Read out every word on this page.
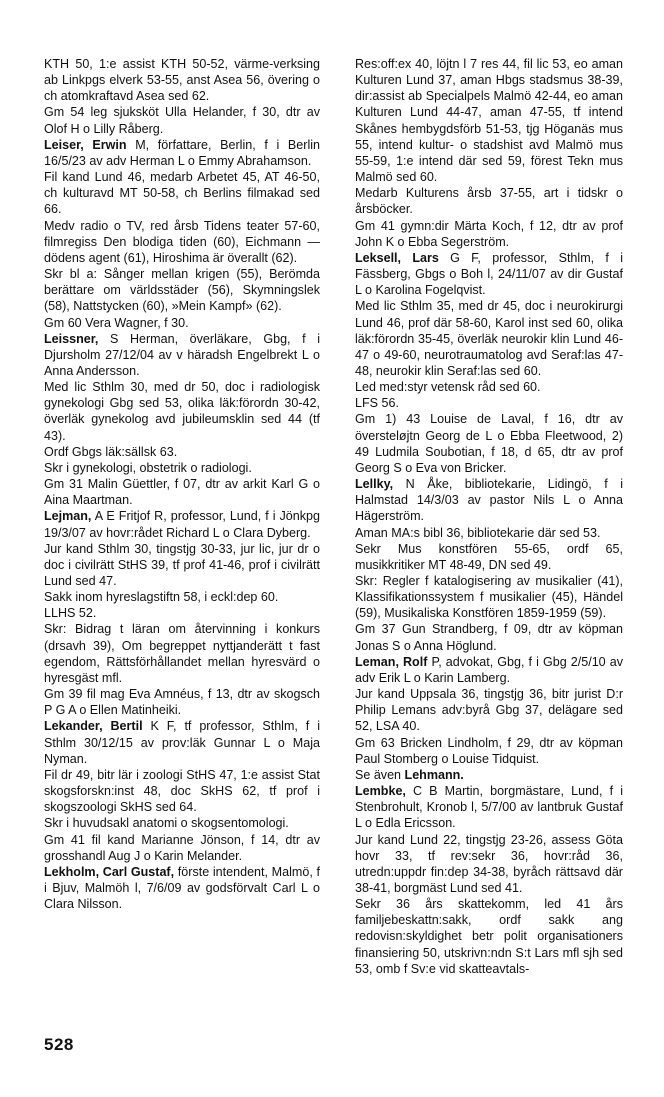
KTH 50, 1:e assist KTH 50-52, värme-verksing ab Linkpgs elverk 53-55, anst Asea 56, övering o ch atomkraftavd Asea sed 62.

Gm 54 leg sjuksköt Ulla Helander, f 30, dtr av Olof H o Lilly Råberg.

Leiser, Erwin M, författare, Berlin, f i Berlin 16/5/23 av adv Herman L o Emmy Abrahamson.

Fil kand Lund 46, medarb Arbetet 45, AT 46-50, ch kulturavd MT 50-58, ch Berlins filmakad sed 66.

Medv radio o TV, red årsb Tidens teater 57-60, filmregiss Den blodiga tiden (60), Eichmann — dödens agent (61), Hiroshima är överallt (62).

Skr bl a: Sånger mellan krigen (55), Berömda berättare om världsstäder (56), Skymningslek (58), Nattstycken (60), »Mein Kampf» (62).

Gm 60 Vera Wagner, f 30.

Leissner, S Herman, överläkare, Gbg, f i Djursholm 27/12/04 av v häradsh Engelbrekt L o Anna Andersson.

Med lic Sthlm 30, med dr 50, doc i radiologisk gynekologi Gbg sed 53, olika läk:förordn 30-42, överläk gynekolog avd jubileumsklin sed 44 (tf 43).

Ordf Gbgs läk:sällsk 63.

Skr i gynekologi, obstetrik o radiologi.

Gm 31 Malin Güettler, f 07, dtr av arkit Karl G o Aina Maartman.

Lejman, A E Fritjof R, professor, Lund, f i Jönkpg 19/3/07 av hovr:rådet Richard L o Clara Dyberg.

Jur kand Sthlm 30, tingstjg 30-33, jur lic, jur dr o doc i civilrätt StHS 39, tf prof 41-46, prof i civilrätt Lund sed 47.

Sakk inom hyreslagstiftn 58, i eckl:dep 60.

LLHS 52.

Skr: Bidrag t läran om återvinning i konkurs (drsavh 39), Om begreppet nyttjanderätt t fast egendom, Rättsförhållandet mellan hyresvärd o hyresgäst mfl.

Gm 39 fil mag Eva Amnéus, f 13, dtr av skogsch P G A o Ellen Matinheiki.

Lekander, Bertil K F, tf professor, Sthlm, f i Sthlm 30/12/15 av prov:läk Gunnar L o Maja Nyman.

Fil dr 49, bitr lär i zoologi StHS 47, 1:e assist Stat skogsforskn:inst 48, doc SkHS 62, tf prof i skogszoologi SkHS sed 64.

Skr i huvudsakl anatomi o skogsentomologi.

Gm 41 fil kand Marianne Jönson, f 14, dtr av grosshandl Aug J o Karin Melander.

Lekholm, Carl Gustaf, förste intendent, Malmö, f i Bjuv, Malmöh l, 7/6/09 av godsförvalt Carl L o Clara Nilsson.

Res:off:ex 40, löjtn l 7 res 44, fil lic 53, eo aman Kulturen Lund 37, aman Hbgs stadsmus 38-39, dir:assist ab Specialpels Malmö 42-44, eo aman Kulturen Lund 44-47, aman 47-55, tf intend Skånes hembygdsförb 51-53, tjg Höganäs mus 55, intend kultur- o stadshist avd Malmö mus 55-59, 1:e intend där sed 59, förest Tekn mus Malmö sed 60.

Medarb Kulturens årsb 37-55, art i tidskr o årsböcker.

Gm 41 gymn:dir Märta Koch, f 12, dtr av prof John K o Ebba Segerström.

Leksell, Lars G F, professor, Sthlm, f i Fässberg, Gbgs o Boh l, 24/11/07 av dir Gustaf L o Karolina Fogelqvist.

Med lic Sthlm 35, med dr 45, doc i neurokirurgi Lund 46, prof där 58-60, Karol inst sed 60, olika läk:förordn 35-45, överläk neurokir klin Lund 46-47 o 49-60, neurotraumatolog avd Seraf:las 47-48, neurokir klin Seraf:las sed 60.

Led med:styr vetensk råd sed 60.

LFS 56.

Gm 1) 43 Louise de Laval, f 16, dtr av översteløjtn Georg de L o Ebba Fleetwood, 2) 49 Ludmila Soubotian, f 18, d 65, dtr av prof Georg S o Eva von Bricker.

Lellky, N Åke, bibliotekarie, Lidingö, f i Halmstad 14/3/03 av pastor Nils L o Anna Hägerström.

Aman MA:s bibl 36, bibliotekarie där sed 53.

Sekr Mus konstfören 55-65, ordf 65, musikkritiker MT 48-49, DN sed 49.

Skr: Regler f katalogisering av musikalier (41), Klassifikationssystem f musikalier (45), Händel (59), Musikaliska Konstfören 1859-1959 (59).

Gm 37 Gun Strandberg, f 09, dtr av köpman Jonas S o Anna Höglund.

Leman, Rolf P, advokat, Gbg, f i Gbg 2/5/10 av adv Erik L o Karin Lamberg.

Jur kand Uppsala 36, tingstjg 36, bitr jurist D:r Philip Lemans adv:byrå Gbg 37, delägare sed 52, LSA 40.

Gm 63 Bricken Lindholm, f 29, dtr av köpman Paul Stomberg o Louise Tidquist.

Se även Lehmann.

Lembke, C B Martin, borgmästare, Lund, f i Stenbrohult, Kronob l, 5/7/00 av lantbruk Gustaf L o Edla Ericsson.

Jur kand Lund 22, tingstjg 23-26, assess Göta hovr 33, tf rev:sekr 36, hovr:råd 36, utredn:uppdr fin:dep 34-38, byråch rättsavd där 38-41, borgmäst Lund sed 41.

Sekr 36 års skattekomm, led 41 års familjebeskattn:sakk, ordf sakk ang redovisn:skyldighet betr polit organisationers finansiering 50, utskrivn:ndn S:t Lars mfl sjh sed 53, omb f Sv:e vid skatteavtals-

528
